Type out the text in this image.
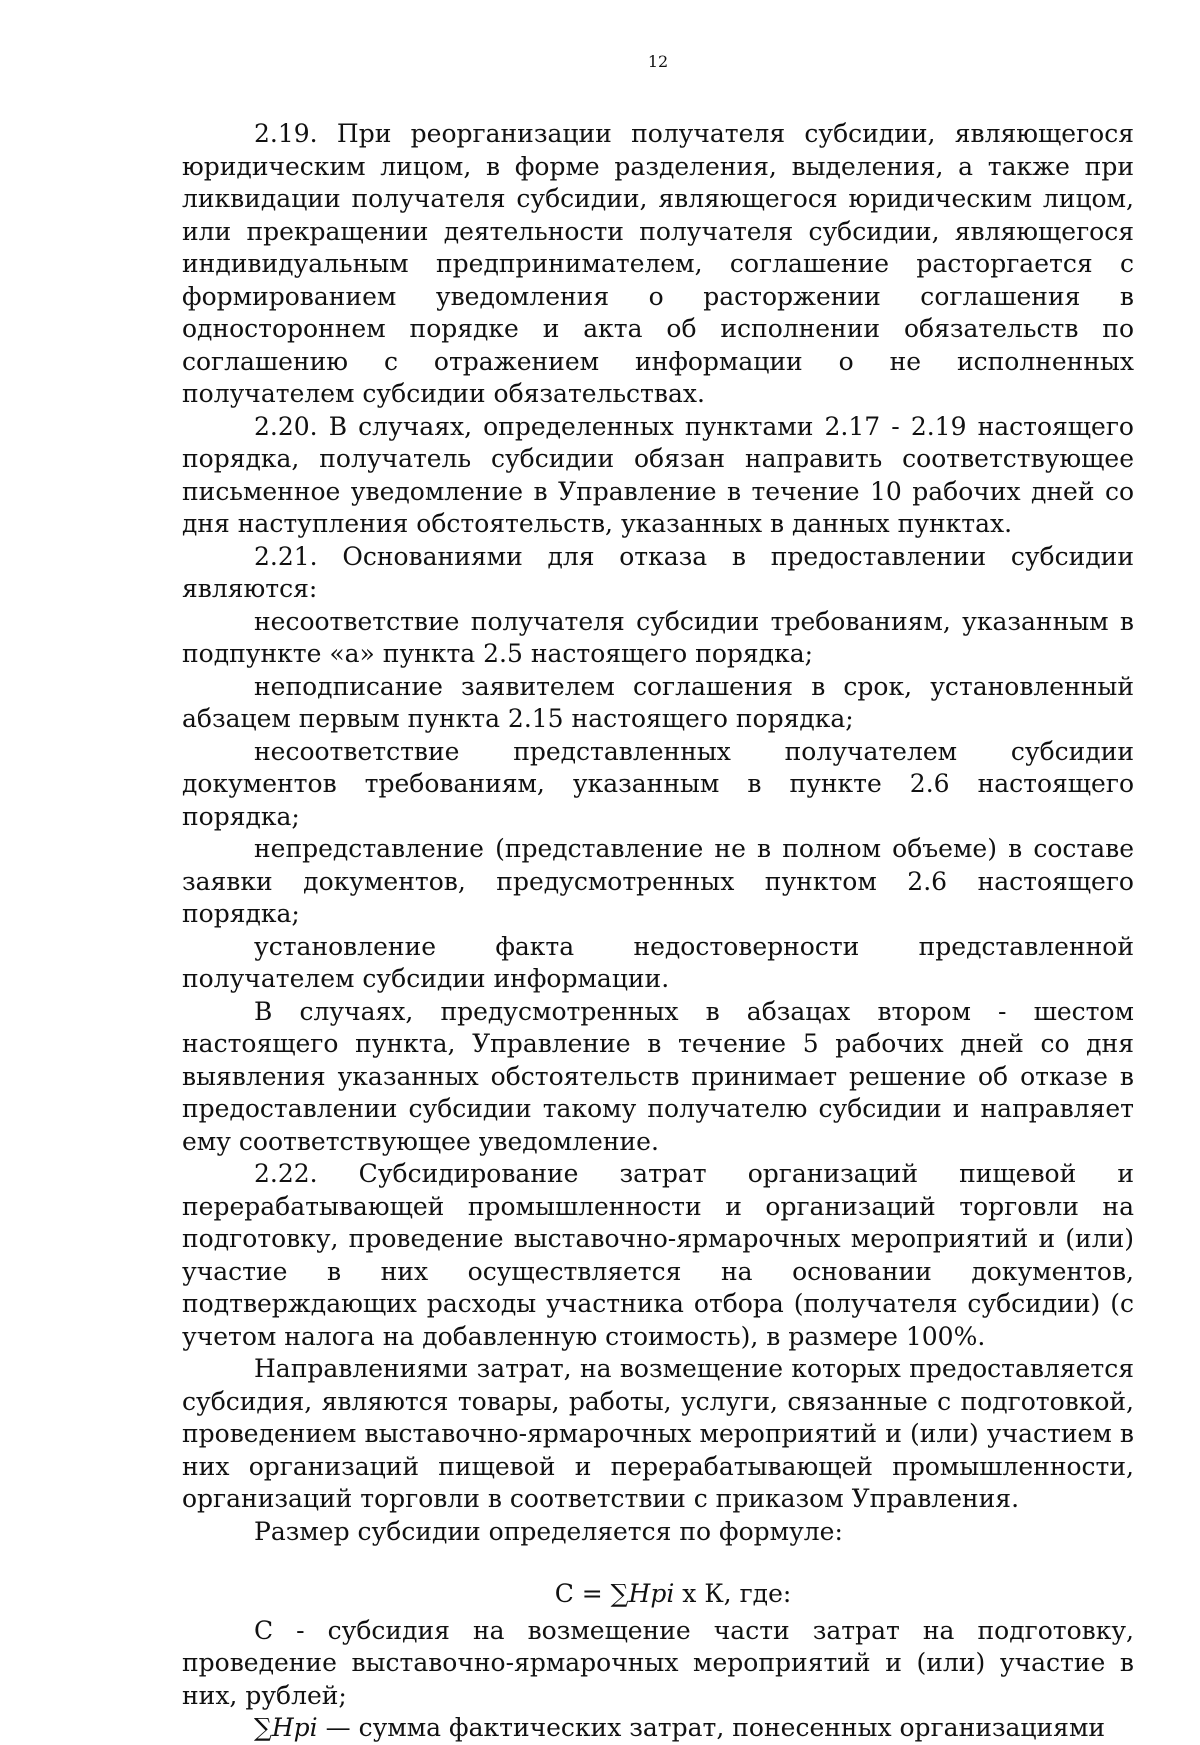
12

2.19. При реорганизации получателя субсидии, являющегося юридическим лицом, в форме разделения, выделения, а также при ликвидации получателя субсидии, являющегося юридическим лицом, или прекращении деятельности получателя субсидии, являющегося индивидуальным предпринимателем, соглашение расторгается с формированием уведомления о расторжении соглашения в одностороннем порядке и акта об исполнении обязательств по соглашению с отражением информации о не исполненных получателем субсидии обязательствах.

2.20. В случаях, определенных пунктами 2.17 - 2.19 настоящего порядка, получатель субсидии обязан направить соответствующее письменное уведомление в Управление в течение 10 рабочих дней со дня наступления обстоятельств, указанных в данных пунктах.

2.21. Основаниями для отказа в предоставлении субсидии являются:

несоответствие получателя субсидии требованиям, указанным в подпункте «а» пункта 2.5 настоящего порядка;

неподписание заявителем соглашения в срок, установленный абзацем первым пункта 2.15 настоящего порядка;

несоответствие представленных получателем субсидии документов требованиям, указанным в пункте 2.6 настоящего порядка;

непредставление (представление не в полном объеме) в составе заявки документов, предусмотренных пунктом 2.6 настоящего порядка;

установление факта недостоверности представленной получателем субсидии информации.

В случаях, предусмотренных в абзацах втором - шестом настоящего пункта, Управление в течение 5 рабочих дней со дня выявления указанных обстоятельств принимает решение об отказе в предоставлении субсидии такому получателю субсидии и направляет ему соответствующее уведомление.

2.22. Субсидирование затрат организаций пищевой и перерабатывающей промышленности и организаций торговли на подготовку, проведение выставочно-ярмарочных мероприятий и (или) участие в них осуществляется на основании документов, подтверждающих расходы участника отбора (получателя субсидии) (с учетом налога на добавленную стоимость), в размере 100%.

Направлениями затрат, на возмещение которых предоставляется субсидия, являются товары, работы, услуги, связанные с подготовкой, проведением выставочно-ярмарочных мероприятий и (или) участием в них организаций пищевой и перерабатывающей промышленности, организаций торговли в соответствии с приказом Управления.

Размер субсидии определяется по формуле:

С = ∑Hpi х К, где:

С - субсидия на возмещение части затрат на подготовку, проведение выставочно-ярмарочных мероприятий и (или) участие в них, рублей;

∑Hpi — сумма фактических затрат, понесенных организациями
